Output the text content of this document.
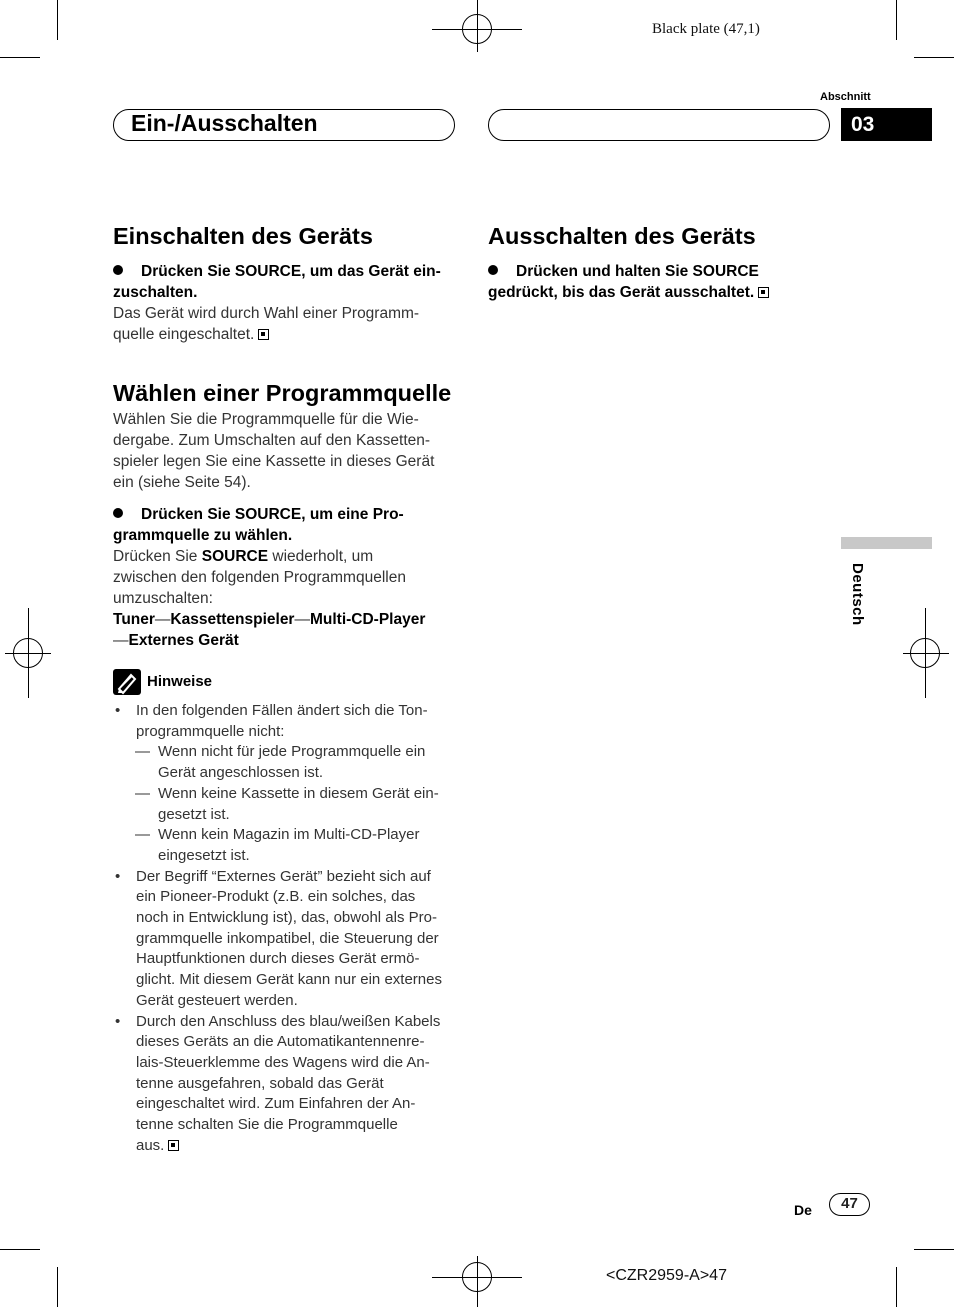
Black plate (47,1)
Ein-/Ausschalten
Abschnitt
03
Deutsch
Einschalten des Geräts

Drücken Sie SOURCE, um das Gerät ein-
zuschalten.

Das Gerät wird durch Wahl einer Programm-
quelle eingeschaltet.

Wählen einer Programmquelle

Wählen Sie die Programmquelle für die Wie-
dergabe. Zum Umschalten auf den Kassetten-
spieler legen Sie eine Kassette in dieses Gerät
ein (siehe Seite 54).

Drücken Sie SOURCE, um eine Pro-
grammquelle zu wählen.

Drücken Sie SOURCE wiederholt, um
zwischen den folgenden Programmquellen
umzuschalten:

Tuner—Kassettenspieler—Multi-CD-Player
—Externes Gerät

Hinweise

• In den folgenden Fällen ändert sich die Ton-
programmquelle nicht:

— Wenn nicht für jede Programmquelle ein
Gerät angeschlossen ist.

— Wenn keine Kassette in diesem Gerät ein-
gesetzt ist.

— Wenn kein Magazin im Multi-CD-Player
eingesetzt ist.

• Der Begriff “Externes Gerät” bezieht sich auf
ein Pioneer-Produkt (z.B. ein solches, das
noch in Entwicklung ist), das, obwohl als Pro-
grammquelle inkompatibel, die Steuerung der
Hauptfunktionen durch dieses Gerät ermö-
glicht. Mit diesem Gerät kann nur ein externes
Gerät gesteuert werden.

• Durch den Anschluss des blau/weißen Kabels
dieses Geräts an die Automatikantennenre-
lais-Steuerklemme des Wagens wird die An-
tenne ausgefahren, sobald das Gerät
eingeschaltet wird. Zum Einfahren der An-
tenne schalten Sie die Programmquelle
aus.

Ausschalten des Geräts

Drücken und halten Sie SOURCE
gedrückt, bis das Gerät ausschaltet.

De	47
<CZR2959-A>47
